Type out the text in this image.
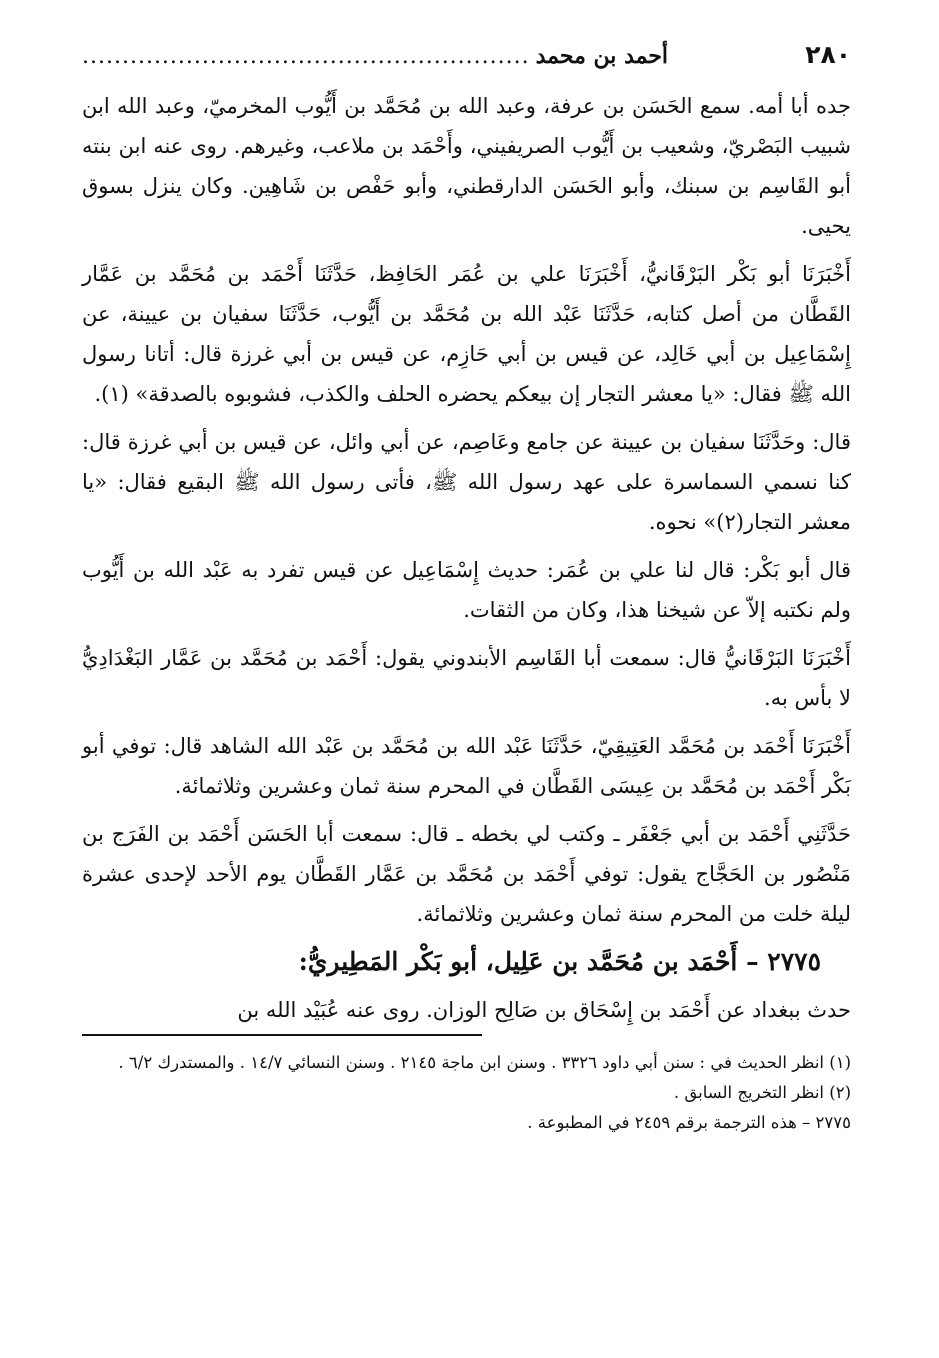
٢٨٠
أحمد بن محمد
........................................................

جده أبا أمه. سمع الحَسَن بن عرفة، وعبد الله بن مُحَمَّد بن أَيُّوب المخرميّ، وعبد الله ابن شبيب البَصْريّ، وشعيب بن أَيُّوب الصريفيني، وأَحْمَد بن ملاعب، وغيرهم. روى عنه ابن بنته أبو القَاسِم بن سبنك، وأبو الحَسَن الدارقطني، وأبو حَفْص بن شَاهِين. وكان ينزل بسوق يحيى.

أَخْبَرَنَا أبو بَكْر البَرْقَانيُّ، أَخْبَرَنَا علي بن عُمَر الحَافِظ، حَدَّثَنَا أَحْمَد بن مُحَمَّد بن عَمَّار القَطَّان من أصل كتابه، حَدَّثَنَا عَبْد الله بن مُحَمَّد بن أَيُّوب، حَدَّثَنَا سفيان بن عيينة، عن إِسْمَاعِيل بن أبي خَالِد، عن قيس بن أبي حَازِم، عن قيس بن أبي غرزة قال: أتانا رسول الله ﷺ فقال: «يا معشر التجار إن بيعكم يحضره الحلف والكذب، فشوبوه بالصدقة» (١).

قال: وحَدَّثَنَا سفيان بن عيينة عن جامع وعَاصِم، عن أبي وائل، عن قيس بن أبي غرزة قال: كنا نسمي السماسرة على عهد رسول الله ﷺ، فأتى رسول الله ﷺ البقيع فقال: «يا معشر التجار(٢)» نحوه.

قال أبو بَكْر: قال لنا علي بن عُمَر: حديث إِسْمَاعِيل عن قيس تفرد به عَبْد الله بن أَيُّوب ولم نكتبه إلاّ عن شيخنا هذا، وكان من الثقات.

أَخْبَرَنَا البَرْقَانيُّ قال: سمعت أبا القَاسِم الأبندوني يقول: أَحْمَد بن مُحَمَّد بن عَمَّار البَغْدَادِيُّ لا بأس به.

أَخْبَرَنَا أَحْمَد بن مُحَمَّد العَتِيقِيّ، حَدَّثَنَا عَبْد الله بن مُحَمَّد بن عَبْد الله الشاهد قال: توفي أبو بَكْر أَحْمَد بن مُحَمَّد بن عِيسَى القَطَّان في المحرم سنة ثمان وعشرين وثلاثمائة.

حَدَّثَنِي أَحْمَد بن أبي جَعْفَر ـ وكتب لي بخطه ـ قال: سمعت أبا الحَسَن أَحْمَد بن الفَرَج بن مَنْصُور بن الحَجَّاج يقول: توفي أَحْمَد بن مُحَمَّد بن عَمَّار القَطَّان يوم الأحد لإحدى عشرة ليلة خلت من المحرم سنة ثمان وعشرين وثلاثمائة.

٢٧٧٥ – أَحْمَد بن مُحَمَّد بن عَلِيل، أبو بَكْر المَطِيريُّ:

حدث ببغداد عن أَحْمَد بن إِسْحَاق بن صَالِح الوزان. روى عنه عُبَيْد الله بن

(١) انظر الحديث في : سنن أبي داود ٣٣٢٦ . وسنن ابن ماجة ٢١٤٥ . وسنن النسائي ١٤/٧ . والمستدرك ٦/٢ .

(٢) انظر التخريج السابق .

٢٧٧٥ – هذه الترجمة برقم ٢٤٥٩ في المطبوعة .
